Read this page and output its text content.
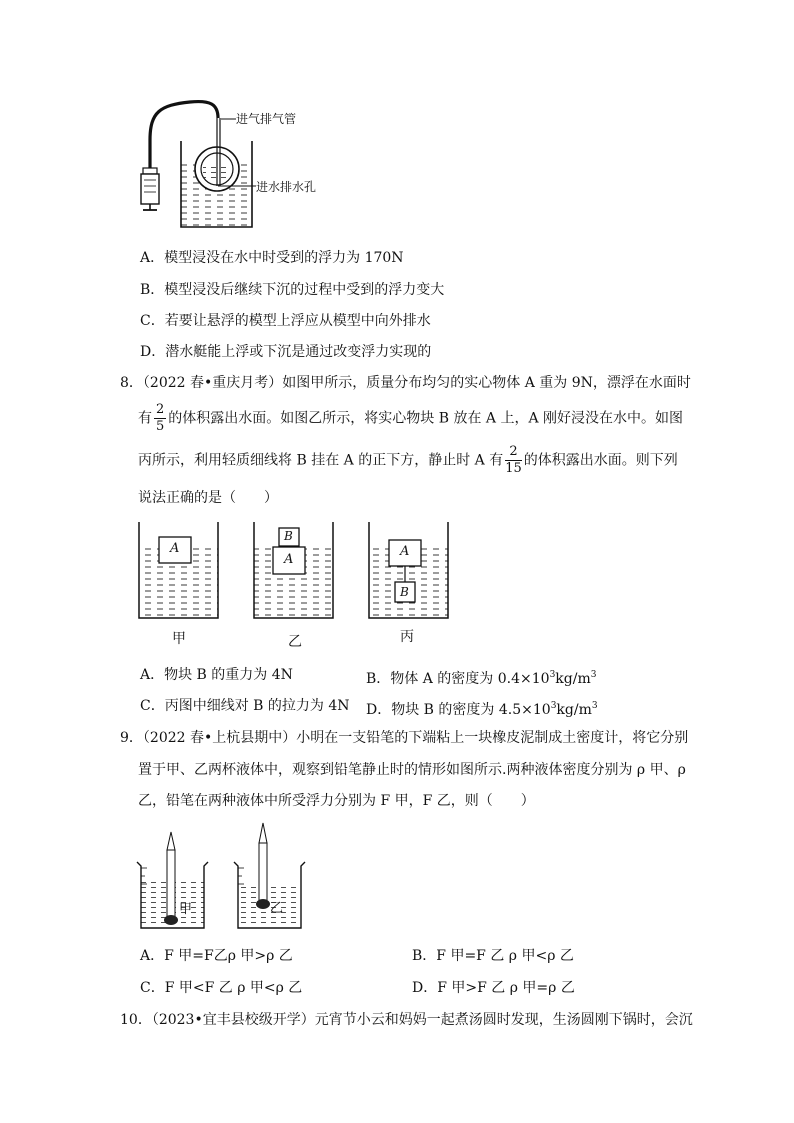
进气排气管
进水排水孔
A．模型浸没在水中时受到的浮力为 170N
B．模型浸没后继续下沉的过程中受到的浮力变大
C．若要让悬浮的模型上浮应从模型中向外排水
D．潜水艇能上浮或下沉是通过改变浮力实现的
8．（2022 春•重庆月考）如图甲所示，质量分布均匀的实心物体 A 重为 9N，漂浮在水面时
有 $\frac{2}{5}$ 的体积露出水面。如图乙所示，将实心物块 B 放在 A 上，A 刚好浸没在水中。如图
丙所示，利用轻质细线将 B 挂在 A 的正下方，静止时 A 有 $\frac{2}{15}$ 的体积露出水面。则下列
说法正确的是（　　）
A
B
A
A
B
甲	乙	丙
A．物块 B 的重力为 4N	B．物体 A 的密度为 $0.4\times 10^3kg/m^3$
C．丙图中细线对 B 的拉力为 4N D．物块 B 的密度为 $4.5\times 10^3kg/m^3$
9．（2022 春•上杭县期中）小明在一支铅笔的下端粘上一块橡皮泥制成土密度计，将它分别
置于甲、乙两杯液体中，观察到铅笔静止时的情形如图所示.两种液体密度分别为 ρ 甲、ρ
乙，铅笔在两种液体中所受浮力分别为 F 甲，F 乙，则（　　）
甲	乙
A．F 甲=F乙ρ 甲>ρ 乙	B．F 甲=F 乙 ρ 甲<ρ 乙
C．F 甲<F 乙 ρ 甲<ρ 乙	D．F 甲>F 乙 ρ 甲=ρ 乙
10．（2023•宜丰县校级开学）元宵节小云和妈妈一起煮汤圆时发现，生汤圆刚下锅时，会沉
